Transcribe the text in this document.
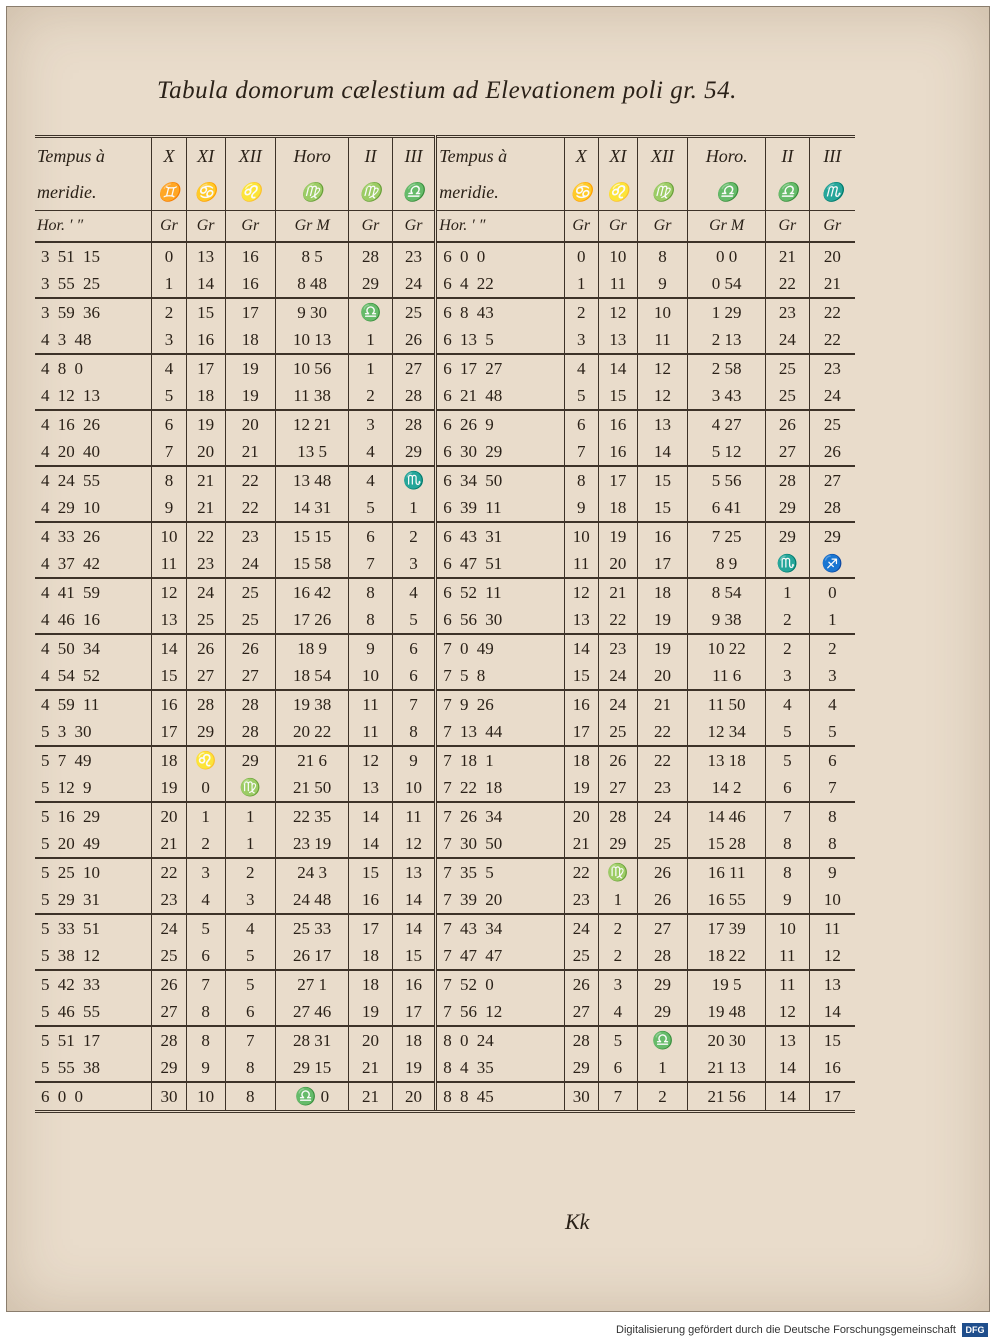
Tabula domorum cælestium ad Elevationem poli gr. 54.
Tempus à	X	XI	XII	Horo	II	III	Tempus à	X	XI	XII	Horo.	II	III
meridie.	♊	♋	♌	♍	♍	♎	meridie.	♋	♌	♍	♎	♎	♏
Hor. ′ ″	Gr	Gr	Gr	Gr M	Gr	Gr	Hor. ′ ″	Gr	Gr	Gr	Gr M	Gr	Gr
3 51 15	0	13	16	8 5	28	23	6 0 0	0	10	8	0 0	21	20
3 55 25	1	14	16	8 48	29	24	6 4 22	1	11	9	0 54	22	21
3 59 36	2	15	17	9 30	♎	25	6 8 43	2	12	10	1 29	23	22
4 3 48	3	16	18	10 13	1	26	6 13 5	3	13	11	2 13	24	22
4 8 0	4	17	19	10 56	1	27	6 17 27	4	14	12	2 58	25	23
4 12 13	5	18	19	11 38	2	28	6 21 48	5	15	12	3 43	25	24
4 16 26	6	19	20	12 21	3	28	6 26 9	6	16	13	4 27	26	25
4 20 40	7	20	21	13 5	4	29	6 30 29	7	16	14	5 12	27	26
4 24 55	8	21	22	13 48	4	♏	6 34 50	8	17	15	5 56	28	27
4 29 10	9	21	22	14 31	5	1	6 39 11	9	18	15	6 41	29	28
4 33 26	10	22	23	15 15	6	2	6 43 31	10	19	16	7 25	29	29
4 37 42	11	23	24	15 58	7	3	6 47 51	11	20	17	8 9	♏	♐
4 41 59	12	24	25	16 42	8	4	6 52 11	12	21	18	8 54	1	0
4 46 16	13	25	25	17 26	8	5	6 56 30	13	22	19	9 38	2	1
4 50 34	14	26	26	18 9	9	6	7 0 49	14	23	19	10 22	2	2
4 54 52	15	27	27	18 54	10	6	7 5 8	15	24	20	11 6	3	3
4 59 11	16	28	28	19 38	11	7	7 9 26	16	24	21	11 50	4	4
5 3 30	17	29	28	20 22	11	8	7 13 44	17	25	22	12 34	5	5
5 7 49	18	♌	29	21 6	12	9	7 18 1	18	26	22	13 18	5	6
5 12 9	19	0	♍	21 50	13	10	7 22 18	19	27	23	14 2	6	7
5 16 29	20	1	1	22 35	14	11	7 26 34	20	28	24	14 46	7	8
5 20 49	21	2	1	23 19	14	12	7 30 50	21	29	25	15 28	8	8
5 25 10	22	3	2	24 3	15	13	7 35 5	22	♍	26	16 11	8	9
5 29 31	23	4	3	24 48	16	14	7 39 20	23	1	26	16 55	9	10
5 33 51	24	5	4	25 33	17	14	7 43 34	24	2	27	17 39	10	11
5 38 12	25	6	5	26 17	18	15	7 47 47	25	2	28	18 22	11	12
5 42 33	26	7	5	27 1	18	16	7 52 0	26	3	29	19 5	11	13
5 46 55	27	8	6	27 46	19	17	7 56 12	27	4	29	19 48	12	14
5 51 17	28	8	7	28 31	20	18	8 0 24	28	5	♎	20 30	13	15
5 55 38	29	9	8	29 15	21	19	8 4 35	29	6	1	21 13	14	16
6 0 0	30	10	8	♎ 0	21	20	8 8 45	30	7	2	21 56	14	17
Kk
Digitalisierung gefördert durch die Deutsche Forschungsgemeinschaft	DFG
